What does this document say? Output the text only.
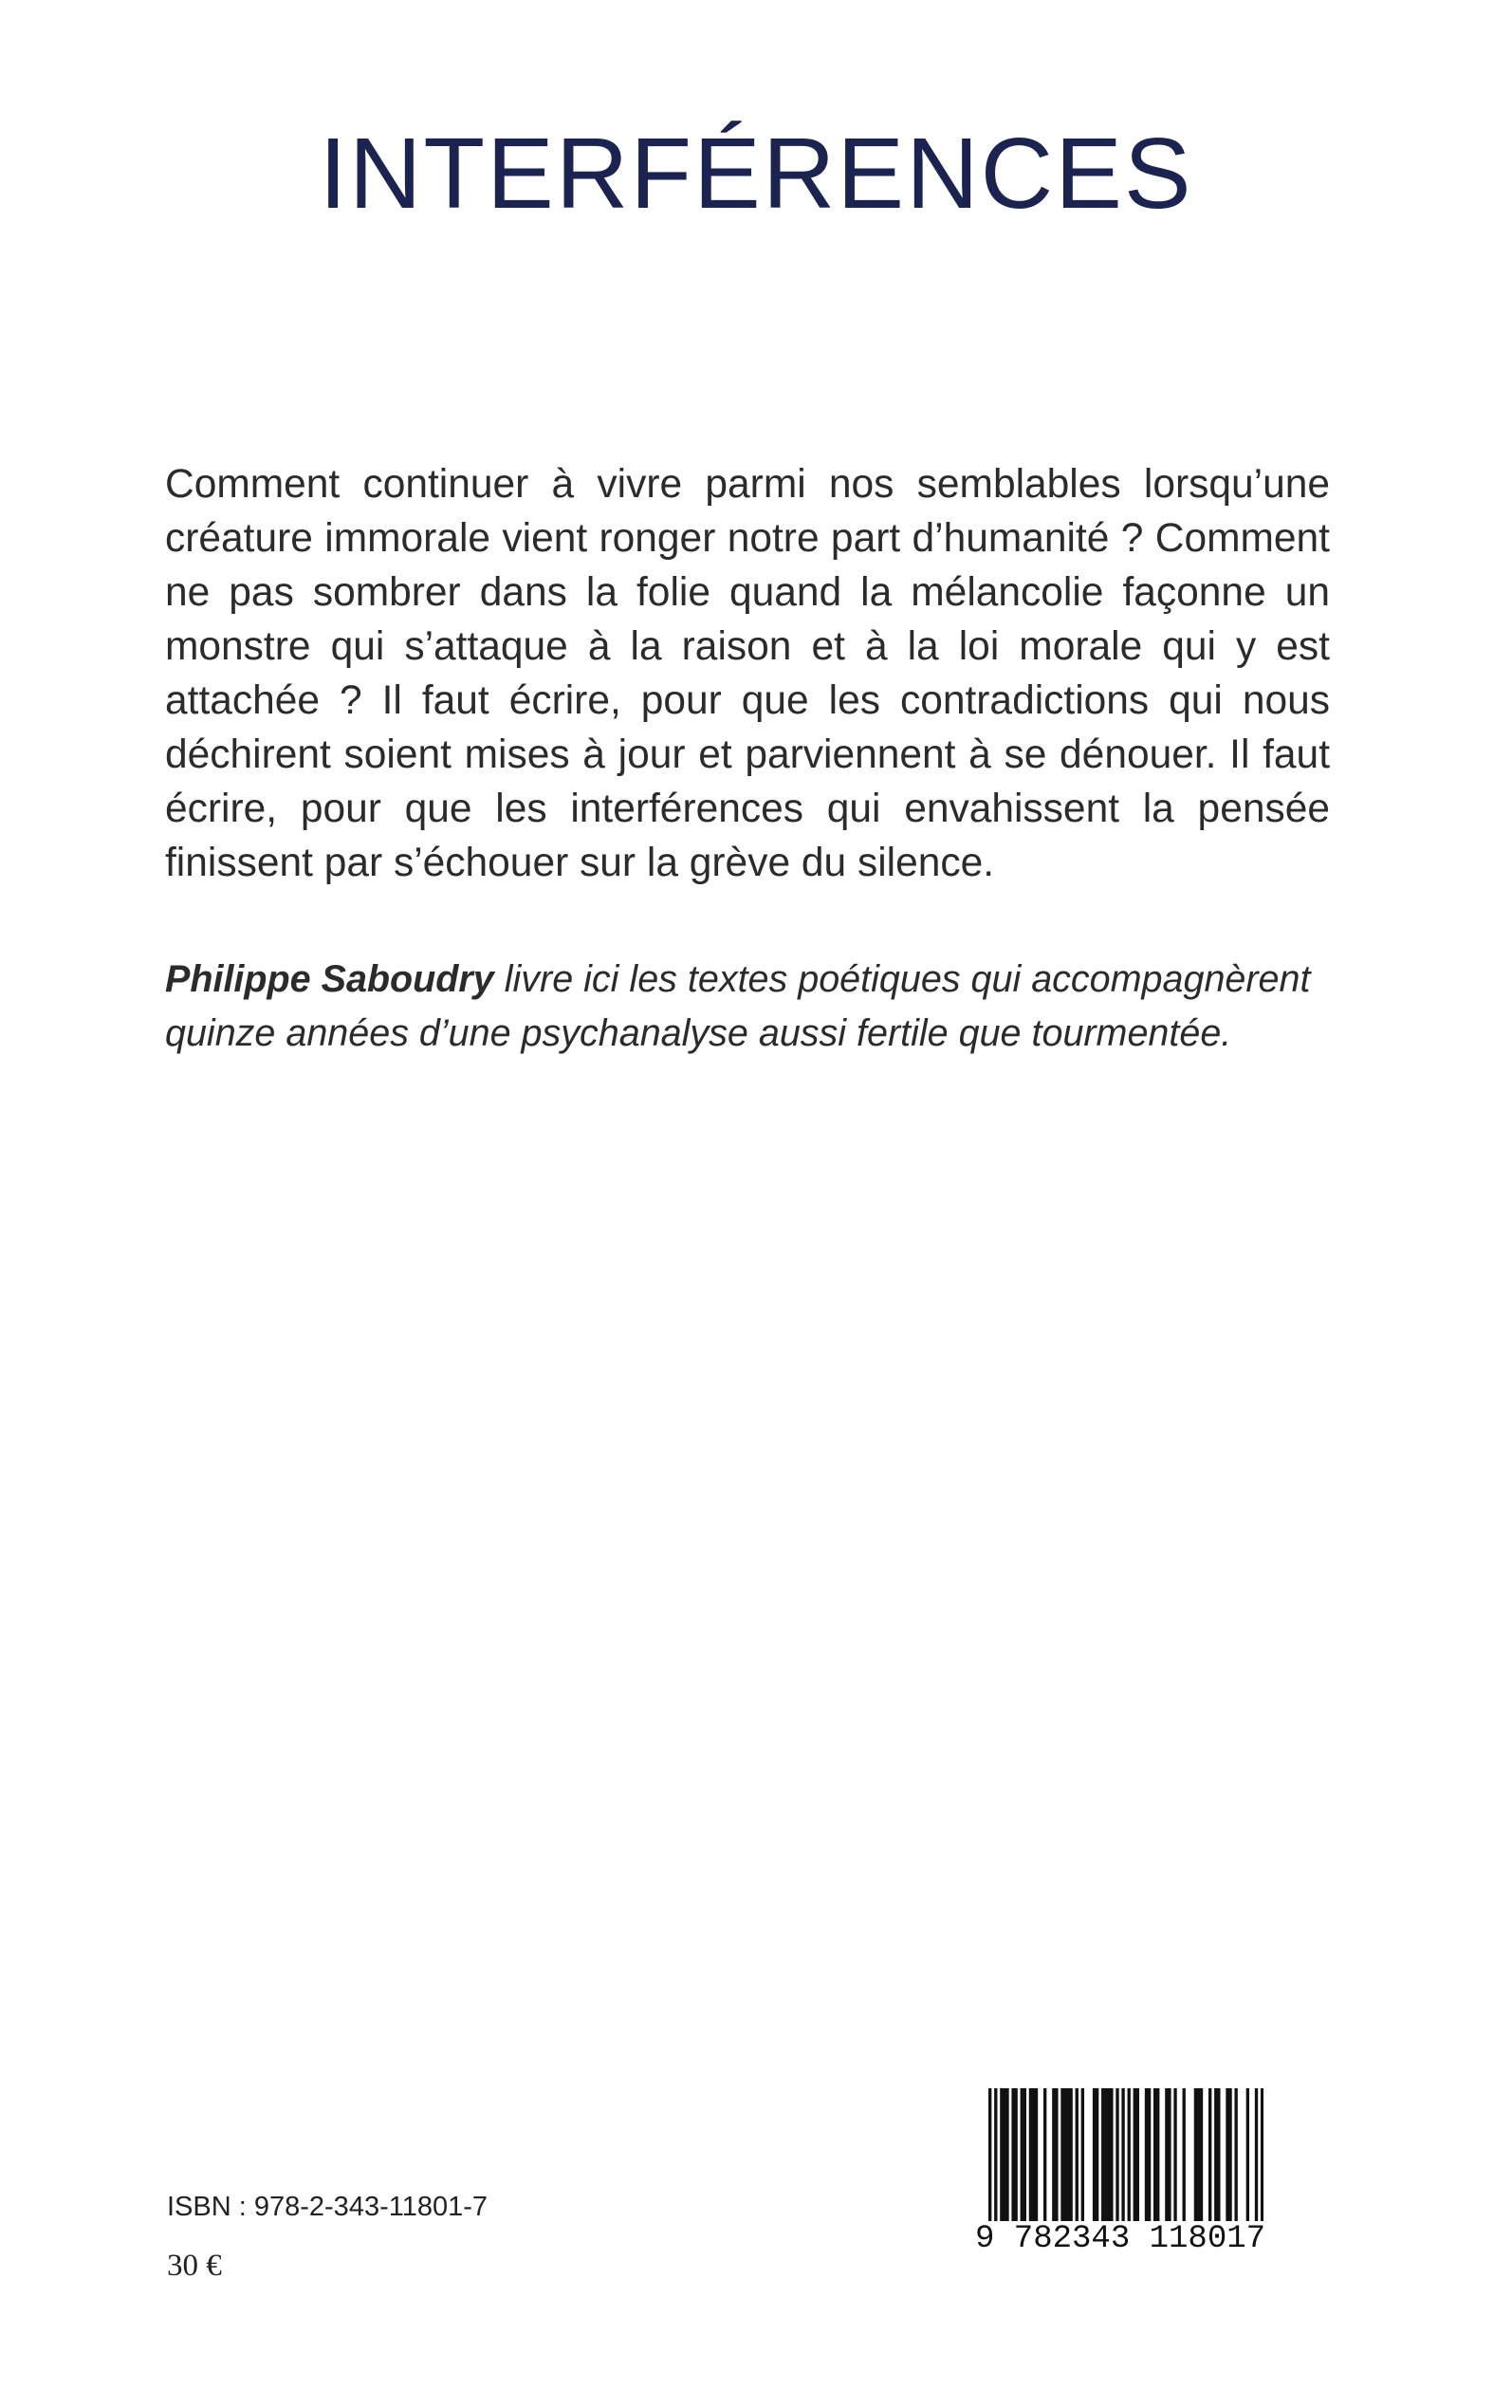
INTERFÉRENCES

Comment continuer à vivre parmi nos semblables lorsqu’une créature immorale vient ronger notre part d’humanité ? Comment ne pas sombrer dans la folie quand la mélancolie façonne un monstre qui s’attaque à la raison et à la loi morale qui y est attachée ? Il faut écrire, pour que les contradictions qui nous déchirent soient mises à jour et parviennent à se dénouer. Il faut écrire, pour que les interférences qui envahissent la pensée finissent par s’échouer sur la grève du silence.

Philippe Saboudry livre ici les textes poétiques qui accompagnèrent quinze années d’une psychanalyse aussi fertile que tourmentée.

ISBN : 978-2-343-11801-7
30 €
9 782343 118017
